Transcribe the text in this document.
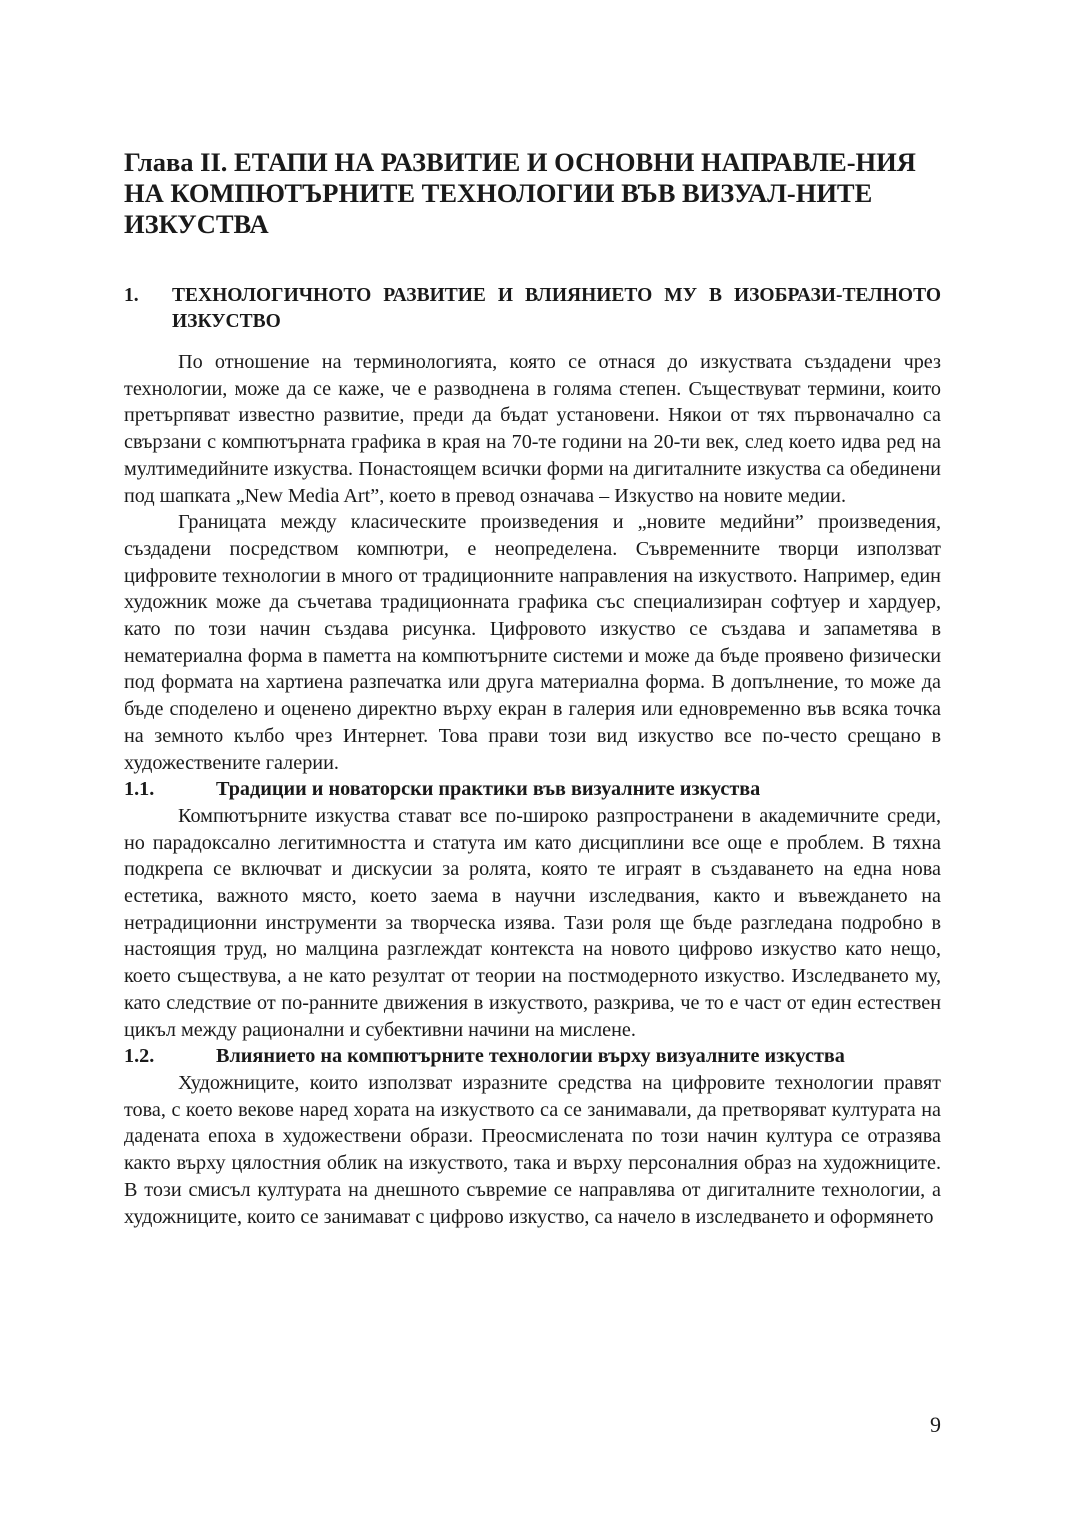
Глава II. ЕТАПИ НА РАЗВИТИЕ И ОСНОВНИ НАПРАВЛЕ-НИЯ НА КОМПЮТЪРНИТЕ ТЕХНОЛОГИИ ВЪВ ВИЗУАЛ-НИТЕ ИЗКУСТВА
1. ТЕХНОЛОГИЧНОТО РАЗВИТИЕ И ВЛИЯНИЕТО МУ В ИЗОБРАЗИ-ТЕЛНОТО ИЗКУСТВО

По отношение на терминологията, която се отнася до изкуствата създадени чрез технологии, може да се каже, че е разводнена в голяма степен. Съществуват термини, които претърпяват известно развитие, преди да бъдат установени. Някои от тях първоначално са свързани с компютърната графика в края на 70-те години на 20-ти век, след което идва ред на мултимедийните изкуства. Понастоящем всички форми на дигиталните изкуства са обединени под шапката „New Media Art”, което в превод означава – Изкуство на новите медии.

Границата между класическите произведения и „новите медийни” произведения, създадени посредством компютри, е неопределена. Съвременните творци използват цифровите технологии в много от традиционните направления на изкуството. Например, един художник може да съчетава традиционната графика със специализиран софтуер и хардуер, като по този начин създава рисунка. Цифровото изкуство се създава и запаметява в нематериална форма в паметта на компютърните системи и може да бъде проявено физически под формата на хартиена разпечатка или друга материална форма. В допълнение, то може да бъде споделено и оценено директно върху екран в галерия или едновременно във всяка точка на земното кълбо чрез Интернет. Това прави този вид изкуство все по-често срещано в художествените галерии.

1.1.	Традиции и новаторски практики във визуалните изкуства

Компютърните изкуства стават все по-широко разпространени в академичните среди, но парадоксално легитимността и статута им като дисциплини все още е проблем. В тяхна подкрепа се включват и дискусии за ролята, която те играят в създаването на една нова естетика, важното място, което заема в научни изследвания, както и въвеждането на нетрадиционни инструменти за творческа изява. Тази роля ще бъде разгледана подробно в настоящия труд, но малцина разглеждат контекста на новото цифрово изкуство като нещо, което съществува, а не като резултат от теории на постмодерното изкуство. Изследването му, като следствие от по-ранните движения в изкуството, разкрива, че то е част от един естествен цикъл между рационални и субективни начини на мислене.

1.2.	Влиянието на компютърните технологии върху визуалните изкуства

Художниците, които използват изразните средства на цифровите технологии правят това, с което векове наред хората на изкуството са се занимавали, да претворяват културата на дадената епоха в художествени образи. Преосмислената по този начин култура се отразява както върху цялостния облик на изкуството, така и върху персоналния образ на художниците. В този смисъл културата на днешното съвремие се направлява от дигиталните технологии, а художниците, които се занимават с цифрово изкуство, са начело в изследването и оформянето

9
